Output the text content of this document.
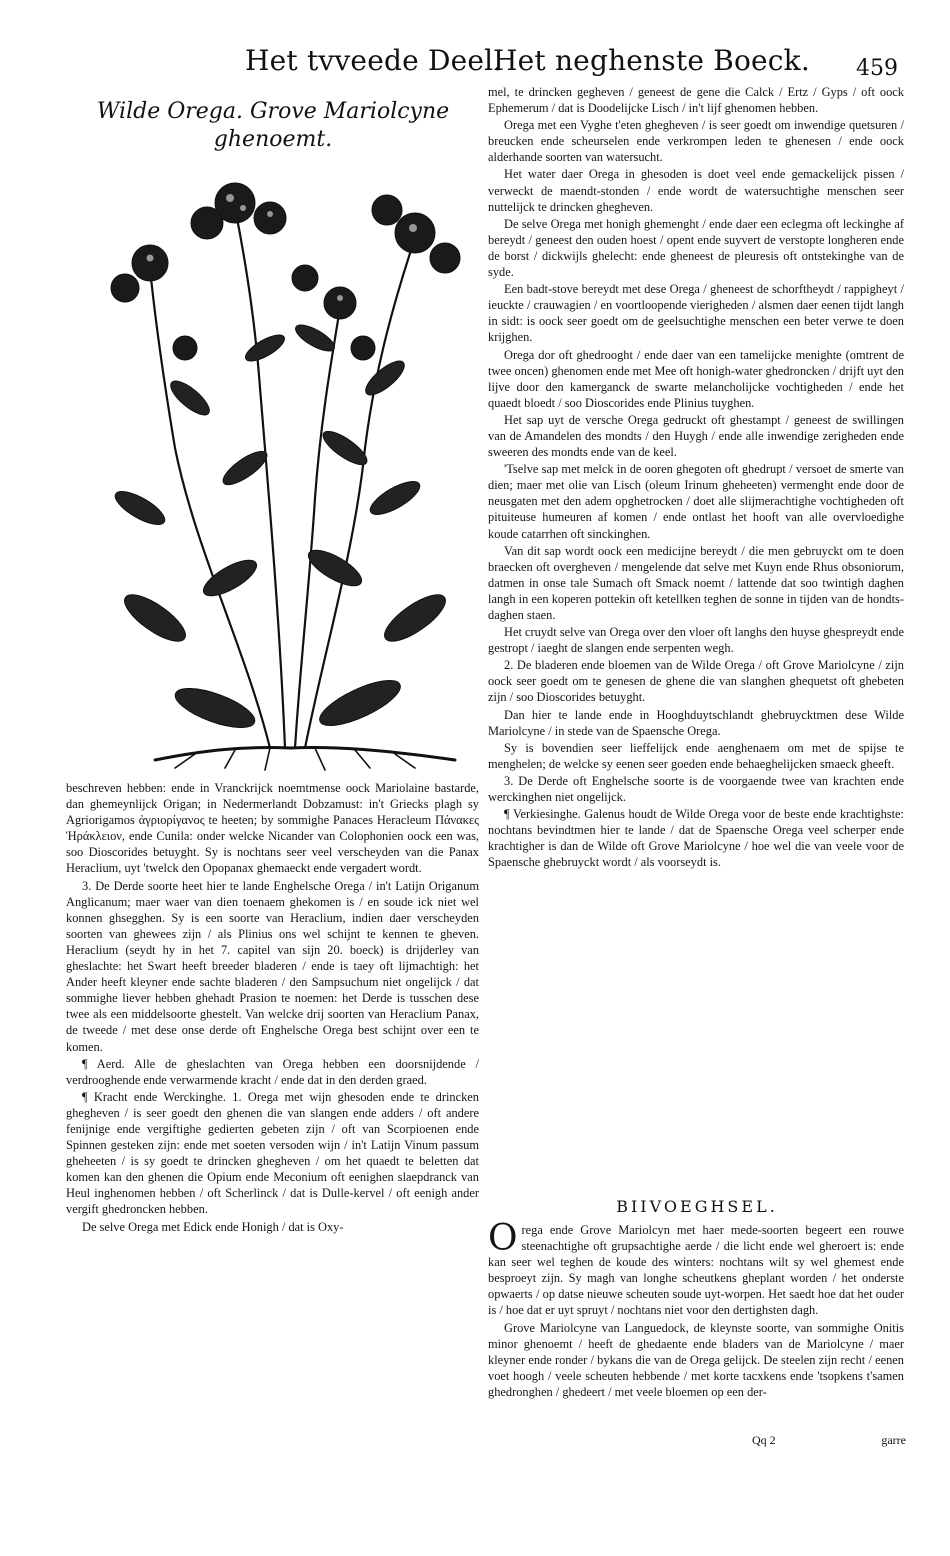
Het tvveede Deel.
Het neghenste Boeck. 459
Wilde Orega. Grove Mariolcyne ghenoemt.

beschreven hebben: ende in Vranckrijck noemtmense oock Mariolaine bastarde, dan ghemeynlijck Origan; in Nedermerlandt Dobzamust: in't Griecks plagh sy Agriorigamos ἀγριορίγανος te heeten; by sommighe Panaces Heracleum Πάνακες Ἡράκλειον, ende Cunila: onder welcke Nicander van Colophonien oock een was, soo Dioscorides betuyght. Sy is nochtans seer veel verscheyden van die Panax Heraclium, uyt 'twelck den Opopanax ghemaeckt ende vergadert wordt.

3. De Derde soorte heet hier te lande Enghelsche Orega / in't Latijn Origanum Anglicanum; maer waer van dien toenaem ghekomen is / en soude ick niet wel konnen ghsegghen. Sy is een soorte van Heraclium, indien daer verscheyden soorten van ghewees zijn / als Plinius ons wel schijnt te kennen te gheven. Heraclium (seydt hy in het 7. capitel van sijn 20. boeck) is drijderley van gheslachte: het Swart heeft breeder bladeren / ende is taey oft lijmachtigh: het Ander heeft kleyner ende sachte bladeren / den Sampsuchum niet ongelijck / dat sommighe liever hebben ghehadt Prasion te noemen: het Derde is tusschen dese twee als een middelsoorte ghestelt. Van welcke drij soorten van Heraclium Panax, de tweede / met dese onse derde oft Enghelsche Orega best schijnt over een te komen.

¶ Aerd. Alle de gheslachten van Orega hebben een doorsnijdende / verdrooghende ende verwarmende kracht / ende dat in den derden graed.

¶ Kracht ende Werckinghe. 1. Orega met wijn ghesoden ende te drincken ghegheven / is seer goedt den ghenen die van slangen ende adders / oft andere fenijnige ende vergiftighe gedierten gebeten zijn / oft van Scorpioenen ende Spinnen gesteken zijn: ende met soeten versoden wijn / in't Latijn Vinum passum gheheeten / is sy goedt te drincken ghegheven / om het quaedt te beletten dat komen kan den ghenen die Opium ende Meconium oft eenighen slaepdranck van Heul inghenomen hebben / oft Scherlinck / dat is Dulle-kervel / oft eenigh ander vergift ghedroncken hebben.

De selve Orega met Edick ende Honigh / dat is Oxy-

mel, te drincken gegheven / geneest de gene die Calck / Ertz / Gyps / oft oock Ephemerum / dat is Doodelijcke Lisch / in't lijf ghenomen hebben.

Orega met een Vyghe t'eten ghegheven / is seer goedt om inwendige quetsuren / breucken ende scheurselen ende verkrompen leden te ghenesen / ende oock alderhande soorten van watersucht.

Het water daer Orega in ghesoden is doet veel ende gemackelijck pissen / verweckt de maendt-stonden / ende wordt de watersuchtighe menschen seer nuttelijck te drincken ghegheven.

De selve Orega met honigh ghemenght / ende daer een eclegma oft leckinghe af bereydt / geneest den ouden hoest / opent ende suyvert de verstopte longheren ende de borst / dickwijls ghelecht: ende gheneest de pleuresis oft ontstekinghe van de syde.

Een badt-stove bereydt met dese Orega / gheneest de schorftheydt / rappigheyt / ieuckte / crauwagien / en voortloopende vierigheden / alsmen daer eenen tijdt langh in sidt: is oock seer goedt om de geelsuchtighe menschen een beter verwe te doen krijghen.

Orega dor oft ghedrooght / ende daer van een tamelijcke menighte (omtrent de twee oncen) ghenomen ende met Mee oft honigh-water ghedroncken / drijft uyt den lijve door den kamerganck de swarte melancholijcke vochtigheden / ende het quaedt bloedt / soo Dioscorides ende Plinius tuyghen.

Het sap uyt de versche Orega gedruckt oft ghestampt / geneest de swillingen van de Amandelen des mondts / den Huygh / ende alle inwendige zerigheden ende sweeren des mondts ende van de keel.

'Tselve sap met melck in de ooren ghegoten oft ghedrupt / versoet de smerte van dien; maer met olie van Lisch (oleum Irinum gheheeten) vermenght ende door de neusgaten met den adem opghetrocken / doet alle slijmerachtighe vochtigheden oft pituiteuse humeuren af komen / ende ontlast het hooft van alle overvloedighe koude catarrhen oft sinckinghen.

Van dit sap wordt oock een medicijne bereydt / die men gebruyckt om te doen braecken oft overgheven / mengelende dat selve met Kuyn ende Rhus obsoniorum, datmen in onse tale Sumach oft Smack noemt / lattende dat soo twintigh daghen langh in een koperen pottekin oft ketellken teghen de sonne in tijden van de hondts-daghen staen.

Het cruydt selve van Orega over den vloer oft langhs den huyse ghespreydt ende gestropt / iaeght de slangen ende serpenten wegh.

2. De bladeren ende bloemen van de Wilde Orega / oft Grove Mariolcyne / zijn oock seer goedt om te genesen de ghene die van slanghen ghequetst oft ghebeten zijn / soo Dioscorides betuyght.

Dan hier te lande ende in Hooghduytschlandt ghebruycktmen dese Wilde Mariolcyne / in stede van de Spaensche Orega.

Sy is bovendien seer lieffelijck ende aenghenaem om met de spijse te menghelen; de welcke sy eenen seer goeden ende behaeghelijcken smaeck gheeft.

3. De Derde oft Enghelsche soorte is de voorgaende twee van krachten ende werckinghen niet ongelijck.

¶ Verkiesinghe. Galenus houdt de Wilde Orega voor de beste ende krachtighste: nochtans bevindtmen hier te lande / dat de Spaensche Orega veel scherper ende krachtigher is dan de Wilde oft Grove Mariolcyne / hoe wel die van veele voor de Spaensche ghebruyckt wordt / als voorseydt is.

BIIVOEGHSEL.

Orega ende Grove Mariolcyn met haer mede-soorten begeert een rouwe steenachtighe oft grupsachtighe aerde / die licht ende wel gheroert is: ende kan seer wel teghen de koude des winters: nochtans wilt sy wel ghemest ende besproeyt zijn. Sy magh van longhe scheutkens gheplant worden / het onderste opwaerts / op datse nieuwe scheuten soude uyt-worpen. Het saedt hoe dat het ouder is / hoe dat er uyt spruyt / nochtans niet voor den dertighsten dagh.

Grove Mariolcyne van Languedock, de kleynste soorte, van sommighe Onitis minor ghenoemt / heeft de ghedaente ende bladers van de Mariolcyne / maer kleyner ende ronder / bykans die van de Orega gelijck. De steelen zijn recht / eenen voet hoogh / veele scheuten hebbende / met korte tacxkens ende 'tsopkens t'samen ghedronghen / ghedeert / met veele bloemen op een der-

Qq 2	garre
